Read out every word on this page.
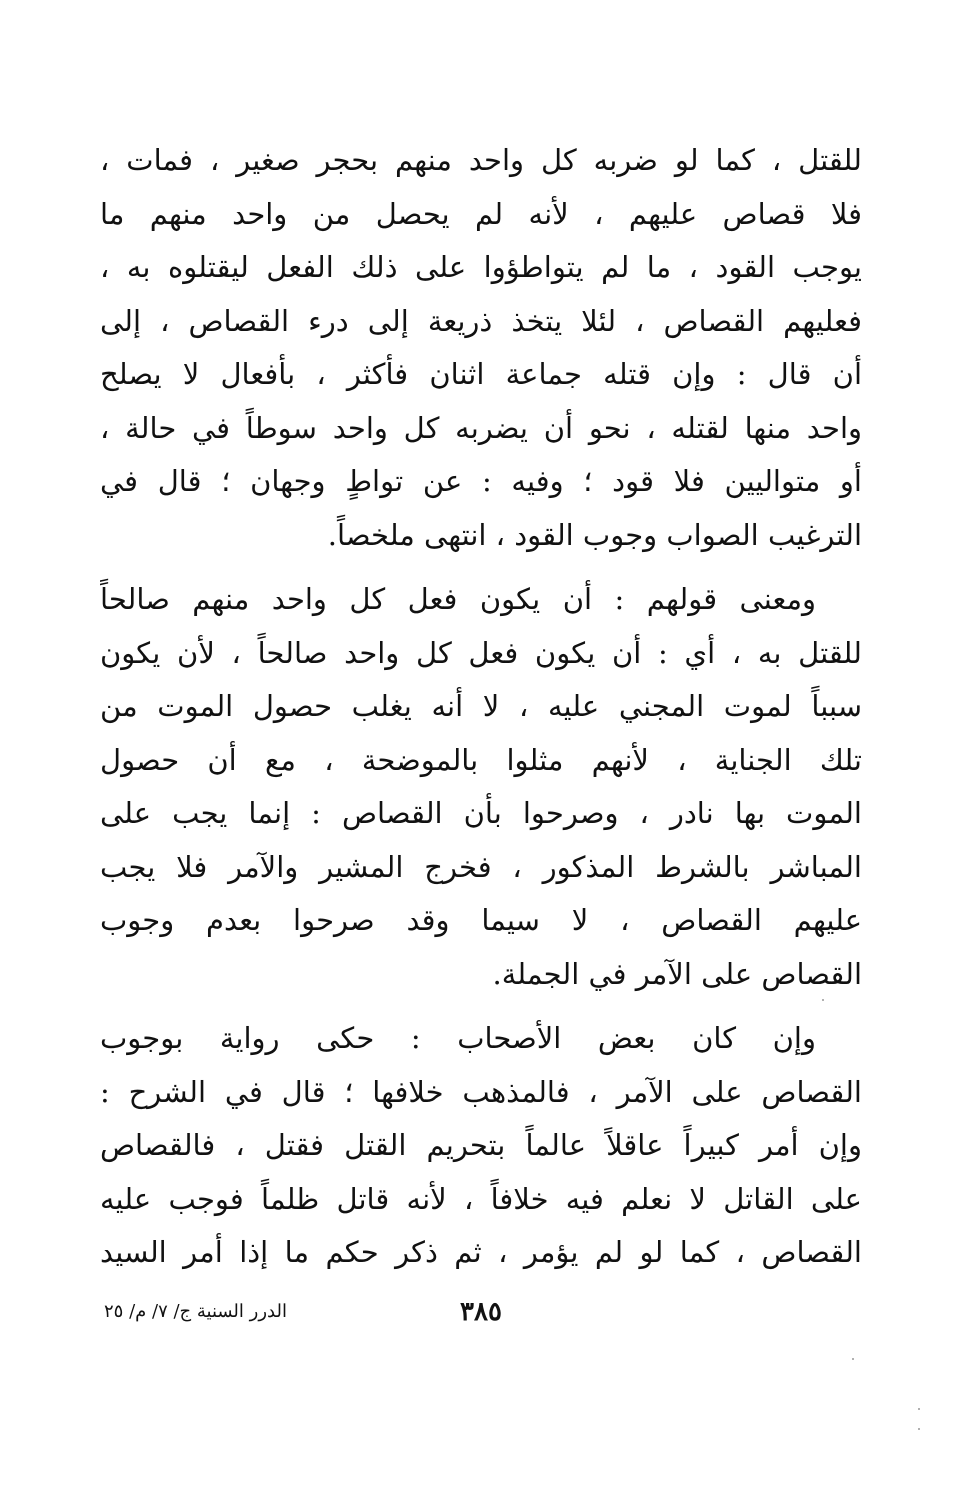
للقتل ، كما لو ضربه كل واحد منهم بحجر صغير ، فمات ،
فلا قصاص عليهم ، لأنه لم يحصل من واحد منهم ما
يوجب القود ، ما لم يتواطؤوا على ذلك الفعل ليقتلوه به ،
فعليهم القصاص ، لئلا يتخذ ذريعة إلى درء القصاص ، إلى
أن قال : وإن قتله جماعة اثنان فأكثر ، بأفعال لا يصلح
واحد منها لقتله ، نحو أن يضربه كل واحد سوطاً في حالة ،
أو متواليين فلا قود ؛ وفيه : عن تواطٍ وجهان ؛ قال في
الترغيب الصواب وجوب القود ، انتهى ملخصاً.
ومعنى قولهم : أن يكون فعل كل واحد منهم صالحاً
للقتل به ، أي : أن يكون فعل كل واحد صالحاً ، لأن يكون
سبباً لموت المجني عليه ، لا أنه يغلب حصول الموت من
تلك الجناية ، لأنهم مثلوا بالموضحة ، مع أن حصول
الموت بها نادر ، وصرحوا بأن القصاص : إنما يجب على
المباشر بالشرط المذكور ، فخرج المشير والآمر فلا يجب
عليهم القصاص ، لا سيما وقد صرحوا بعدم وجوب
القصاص على الآمر في الجملة.
وإن كان بعض الأصحاب : حكى رواية بوجوب
القصاص على الآمر ، فالمذهب خلافها ؛ قال في الشرح :
وإن أمر كبيراً عاقلاً عالماً بتحريم القتل فقتل ، فالقصاص
على القاتل لا نعلم فيه خلافاً ، لأنه قاتل ظلماً فوجب عليه
القصاص ، كما لو لم يؤمر ، ثم ذكر حكم ما إذا أمر السيد
٣٨٥
الدرر السنية ج/ ٧/ م/ ٢٥
